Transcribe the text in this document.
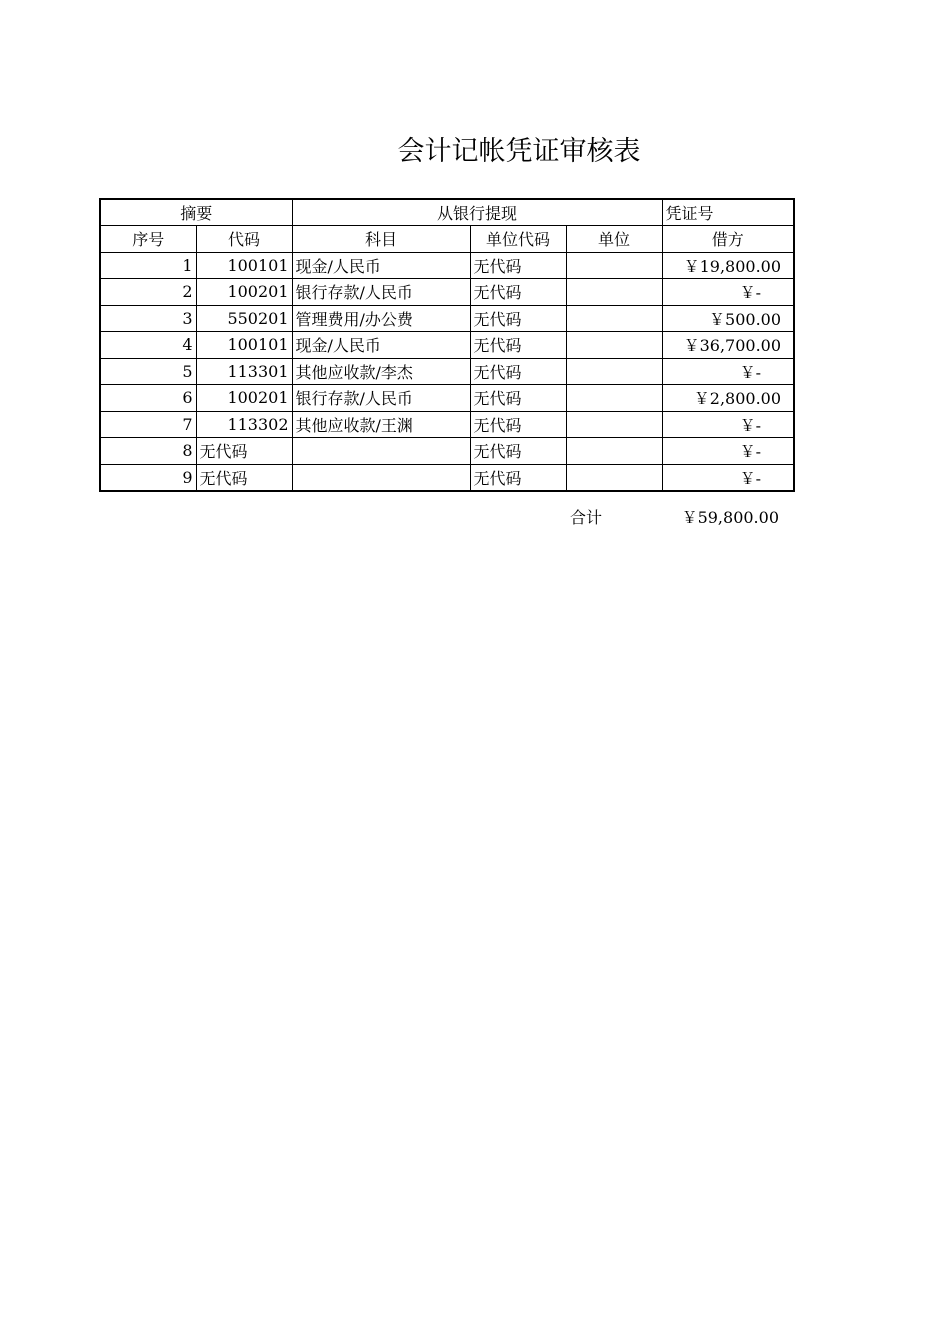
会计记帐凭证审核表
摘要		从银行提现			凭证号
序号	代码	科目	单位代码	单位	借方
1	100101	现金/人民币	无代码		￥19,800.00
2	100201	银行存款/人民币	无代码		￥-
3	550201	管理费用/办公费	无代码		￥500.00
4	100101	现金/人民币	无代码		￥36,700.00
5	113301	其他应收款/李杰	无代码		￥-
6	100201	银行存款/人民币	无代码		￥2,800.00
7	113302	其他应收款/王渊	无代码		￥-
8	无代码		无代码		￥-
9	无代码		无代码		￥-
合计	￥59,800.00
